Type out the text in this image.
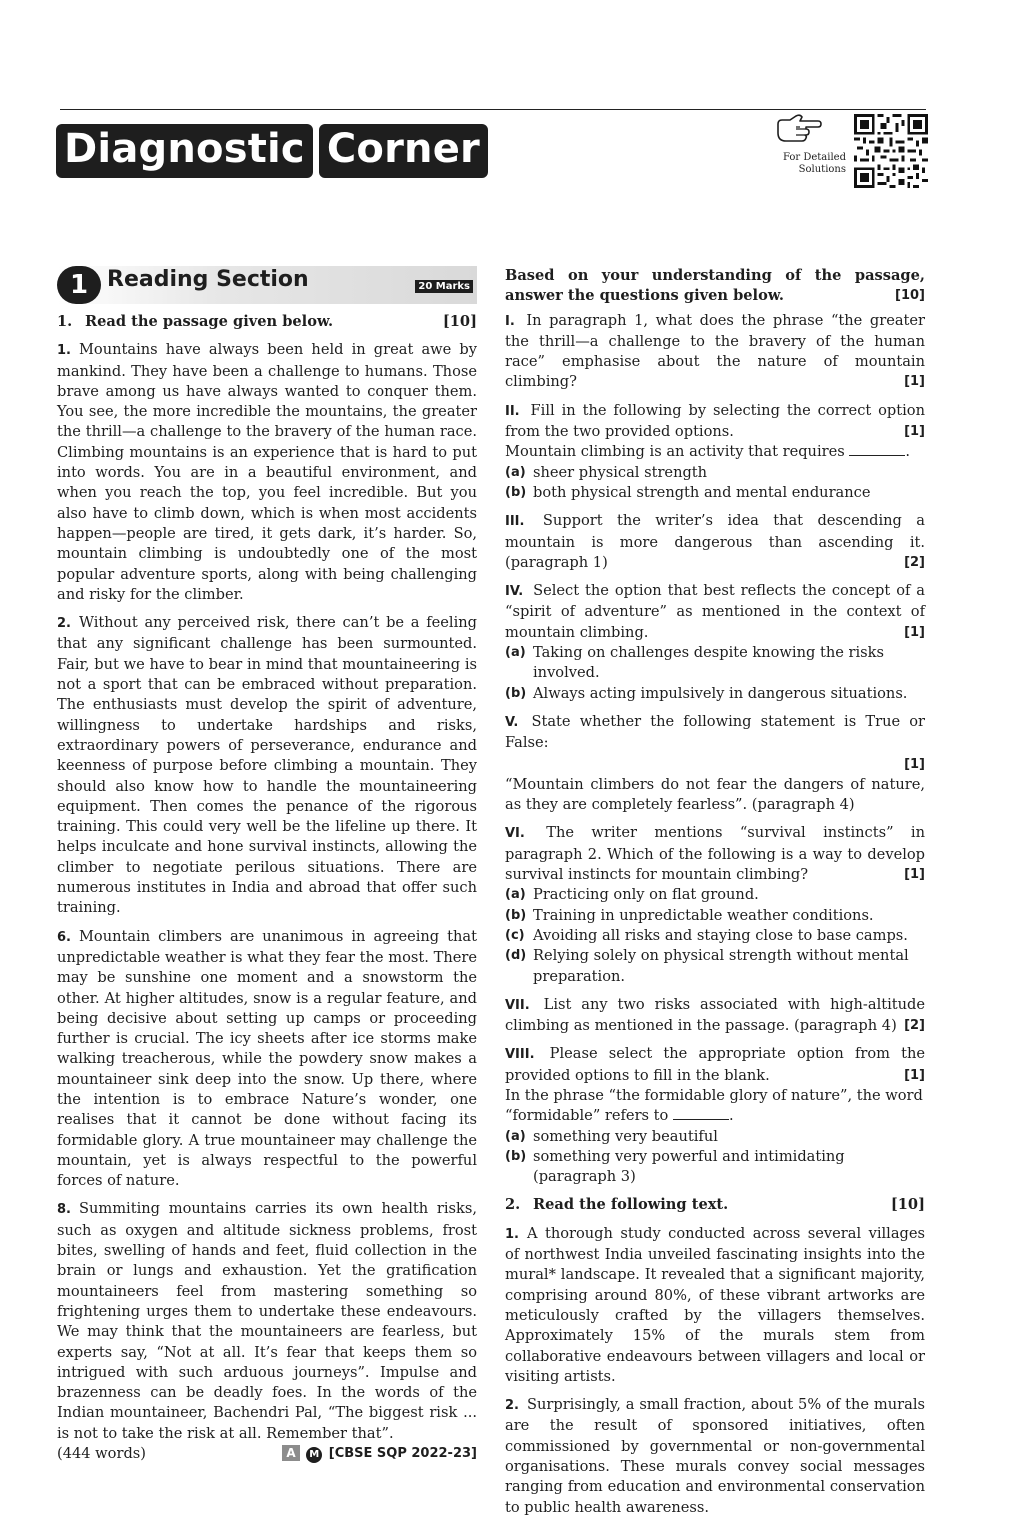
Diagnostic Corner	For Detailed
Solutions
1 Reading Section	20 Marks
1. Read the passage given below.	[10]
1. Mountains have always been held in great awe by mankind. They have been a challenge to humans. Those brave among us have always wanted to conquer them. You see, the more incredible the mountains, the greater the thrill—a challenge to the bravery of the human race. Climbing mountains is an experience that is hard to put into words. You are in a beautiful environment, and when you reach the top, you feel incredible. But you also have to climb down, which is when most accidents happen—people are tired, it gets dark, it’s harder. So, mountain climbing is undoubtedly one of the most popular adventure sports, along with being challenging and risky for the climber.
2. Without any perceived risk, there can’t be a feeling that any significant challenge has been surmounted. Fair, but we have to bear in mind that mountaineering is not a sport that can be embraced without preparation. The enthusiasts must develop the spirit of adventure, willingness to undertake hardships and risks, extraordinary powers of perseverance, endurance and keenness of purpose before climbing a mountain. They should also know how to handle the mountaineering equipment. Then comes the penance of the rigorous training. This could very well be the lifeline up there. It helps inculcate and hone survival instincts, allowing the climber to negotiate perilous situations. There are numerous institutes in India and abroad that offer such training.
6. Mountain climbers are unanimous in agreeing that unpredictable weather is what they fear the most. There may be sunshine one moment and a snowstorm the other. At higher altitudes, snow is a regular feature, and being decisive about setting up camps or proceeding further is crucial. The icy sheets after ice storms make walking treacherous, while the powdery snow makes a mountaineer sink deep into the snow. Up there, where the intention is to embrace Nature’s wonder, one realises that it cannot be done without facing its formidable glory. A true mountaineer may challenge the mountain, yet is always respectful to the powerful forces of nature.
8. Summiting mountains carries its own health risks, such as oxygen and altitude sickness problems, frost bites, swelling of hands and feet, fluid collection in the brain or lungs and exhaustion. Yet the gratification mountaineers feel from mastering something so frightening urges them to undertake these endeavours. We may think that the mountaineers are fearless, but experts say, “Not at all. It’s fear that keeps them so intrigued with such arduous journeys”. Impulse and brazenness can be deadly foes. In the words of the Indian mountaineer, Bachendri Pal, “The biggest risk ... is not to take the risk at all. Remember that”.
(444 words)	A M [CBSE SQP 2022-23]
Based on your understanding of the passage, answer the questions given below.	[10]
I. In paragraph 1, what does the phrase “the greater the thrill—a challenge to the bravery of the human race” emphasise about the nature of mountain climbing?	[1]
II. Fill in the following by selecting the correct option from the two provided options.	[1]
Mountain climbing is an activity that requires	.
(a) sheer physical strength
(b) both physical strength and mental endurance
III. Support the writer’s idea that descending a mountain is more dangerous than ascending it. (paragraph 1)	[2]
IV. Select the option that best reflects the concept of a “spirit of adventure” as mentioned in the context of mountain climbing.	[1]
(a) Taking on challenges despite knowing the risks involved.
(b) Always acting impulsively in dangerous situations.
V. State whether the following statement is True or False:
[1]
“Mountain climbers do not fear the dangers of nature, as they are completely fearless”. (paragraph 4)
VI. The writer mentions “survival instincts” in paragraph 2. Which of the following is a way to develop survival instincts for mountain climbing?	[1]
(a) Practicing only on flat ground.
(b) Training in unpredictable weather conditions.
(c) Avoiding all risks and staying close to base camps.
(d) Relying solely on physical strength without mental preparation.
VII. List any two risks associated with high-altitude climbing as mentioned in the passage. (paragraph 4) [2]
VIII. Please select the appropriate option from the provided options to fill in the blank.	[1]
In the phrase “the formidable glory of nature”, the word “formidable” refers to	.
(a) something very beautiful
(b) something very powerful and intimidating (paragraph 3)
2. Read the following text.	[10]
1. A thorough study conducted across several villages of northwest India unveiled fascinating insights into the mural* landscape. It revealed that a significant majority, comprising around 80%, of these vibrant artworks are meticulously crafted by the villagers themselves. Approximately 15% of the murals stem from collaborative endeavours between villagers and local or visiting artists.
2. Surprisingly, a small fraction, about 5% of the murals are the result of sponsored initiatives, often commissioned by governmental or non-governmental organisations. These murals convey social messages ranging from education and environmental conservation to public health awareness.
